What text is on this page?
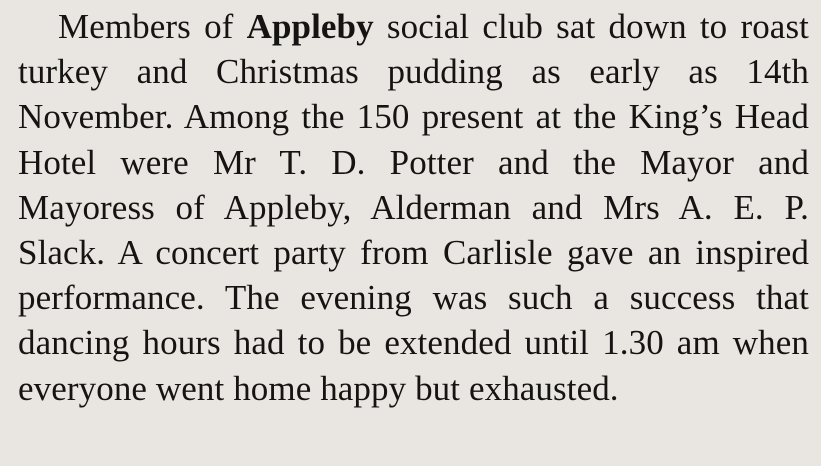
Members of Appleby social club sat down to roast turkey and Christmas pudding as early as 14th November. Among the 150 present at the King’s Head Hotel were Mr T. D. Potter and the Mayor and Mayoress of Appleby, Alderman and Mrs A. E. P. Slack. A concert party from Carlisle gave an inspired performance. The evening was such a success that dancing hours had to be extended until 1.30 am when everyone went home happy but exhausted.
